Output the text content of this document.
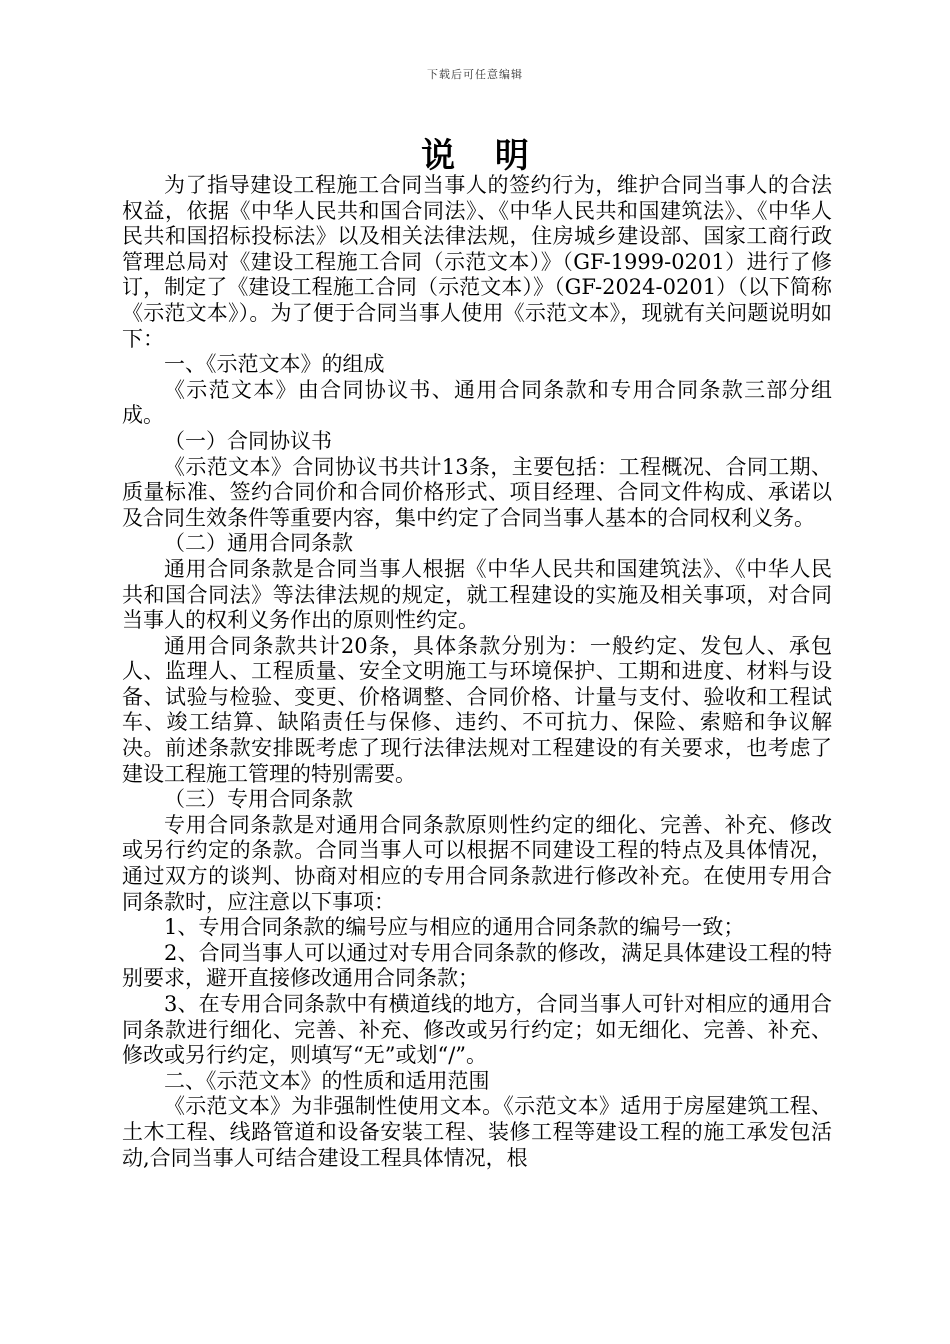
下载后可任意编辑
说 明

为了指导建设工程施工合同当事人的签约行为，维护合同当事人的合法权益，依据《中华人民共和国合同法》、《中华人民共和国建筑法》、《中华人民共和国招标投标法》以及相关法律法规，住房城乡建设部、国家工商行政管理总局对《建设工程施工合同（示范文本）》（GF-1999-0201）进行了修订，制定了《建设工程施工合同（示范文本）》（GF-2024-0201）（以下简称《示范文本》）。为了便于合同当事人使用《示范文本》，现就有关问题说明如下：

一、《示范文本》的组成

《示范文本》由合同协议书、通用合同条款和专用合同条款三部分组成。

（一）合同协议书

《示范文本》合同协议书共计13条，主要包括：工程概况、合同工期、质量标准、签约合同价和合同价格形式、项目经理、合同文件构成、承诺以及合同生效条件等重要内容，集中约定了合同当事人基本的合同权利义务。

（二）通用合同条款

通用合同条款是合同当事人根据《中华人民共和国建筑法》、《中华人民共和国合同法》等法律法规的规定，就工程建设的实施及相关事项，对合同当事人的权利义务作出的原则性约定。

通用合同条款共计20条，具体条款分别为：一般约定、发包人、承包人、监理人、工程质量、安全文明施工与环境保护、工期和进度、材料与设备、试验与检验、变更、价格调整、合同价格、计量与支付、验收和工程试车、竣工结算、缺陷责任与保修、违约、不可抗力、保险、索赔和争议解决。前述条款安排既考虑了现行法律法规对工程建设的有关要求，也考虑了建设工程施工管理的特别需要。

（三）专用合同条款

专用合同条款是对通用合同条款原则性约定的细化、完善、补充、修改或另行约定的条款。合同当事人可以根据不同建设工程的特点及具体情况，通过双方的谈判、协商对相应的专用合同条款进行修改补充。在使用专用合同条款时，应注意以下事项：

1、专用合同条款的编号应与相应的通用合同条款的编号一致；

2、合同当事人可以通过对专用合同条款的修改，满足具体建设工程的特别要求，避开直接修改通用合同条款；

3、在专用合同条款中有横道线的地方，合同当事人可针对相应的通用合同条款进行细化、完善、补充、修改或另行约定；如无细化、完善、补充、修改或另行约定，则填写“无”或划“/”。

二、《示范文本》的性质和适用范围

《示范文本》为非强制性使用文本。《示范文本》适用于房屋建筑工程、土木工程、线路管道和设备安装工程、装修工程等建设工程的施工承发包活动,合同当事人可结合建设工程具体情况，根
